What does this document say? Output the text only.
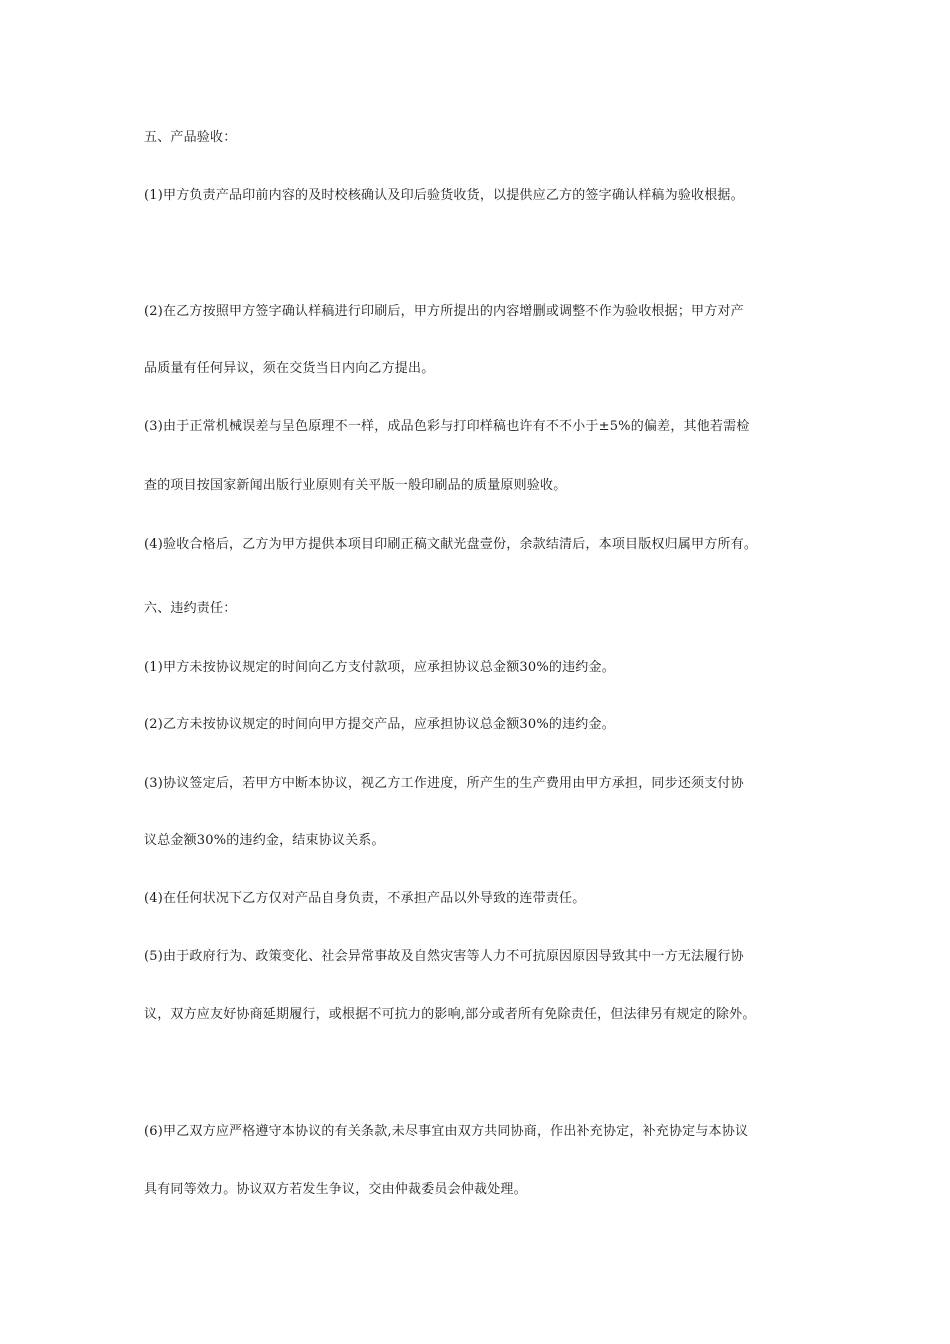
五、产品验收：
(1)甲方负责产品印前内容的及时校核确认及印后验货收货，以提供应乙方的签字确认样稿为验收根据。
(2)在乙方按照甲方签字确认样稿进行印刷后，甲方所提出的内容增删或调整不作为验收根据；甲方对产
品质量有任何异议，须在交货当日内向乙方提出。
(3)由于正常机械误差与呈色原理不一样，成品色彩与打印样稿也许有不不小于±5%的偏差，其他若需检
查的项目按国家新闻出版行业原则有关平版一般印刷品的质量原则验收。
(4)验收合格后，乙方为甲方提供本项目印刷正稿文献光盘壹份，余款结清后，本项目版权归属甲方所有。
六、违约责任：
(1)甲方未按协议规定的时间向乙方支付款项，应承担协议总金额30%的违约金。
(2)乙方未按协议规定的时间向甲方提交产品，应承担协议总金额30%的违约金。
(3)协议签定后，若甲方中断本协议，视乙方工作进度，所产生的生产费用由甲方承担，同步还须支付协
议总金额30%的违约金，结束协议关系。
(4)在任何状况下乙方仅对产品自身负责，不承担产品以外导致的连带责任。
(5)由于政府行为、政策变化、社会异常事故及自然灾害等人力不可抗原因原因导致其中一方无法履行协
议，双方应友好协商延期履行，或根据不可抗力的影响,部分或者所有免除责任，但法律另有规定的除外。
(6)甲乙双方应严格遵守本协议的有关条款,未尽事宜由双方共同协商，作出补充协定，补充协定与本协议
具有同等效力。协议双方若发生争议，交由仲裁委员会仲裁处理。
